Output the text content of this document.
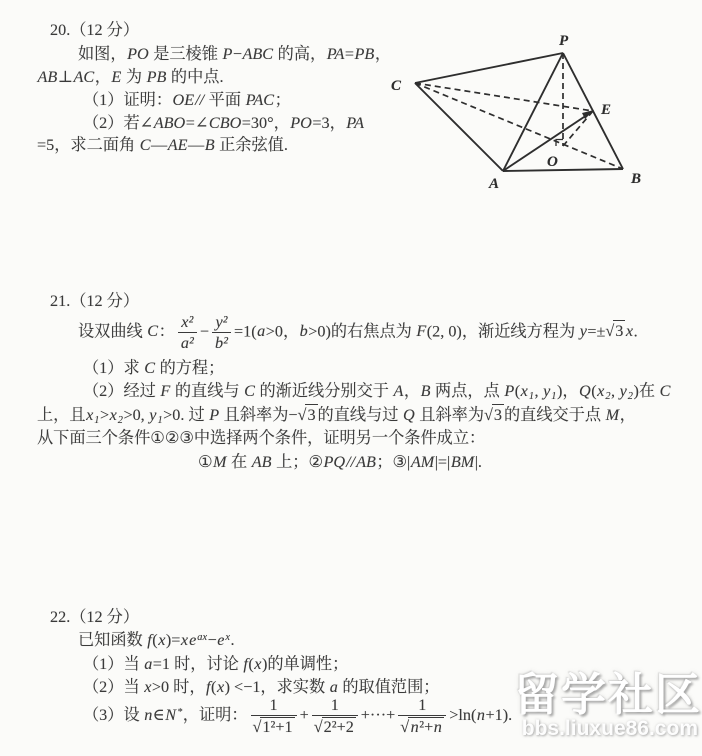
20.（12 分）
如图，PO 是三棱锥 P−ABC 的高，PA=PB，
AB⊥AC，E 为 PB 的中点.
（1）证明：OE// 平面 PAC；
（2）若∠ABO=∠CBO=30°，PO=3，PA
=5，求二面角 C—AE—B 正余弦值.
21.（12 分）
设双曲线 C： $\frac{\text{x²}}{\text{a²}} - \frac{\text{y²}}{\text{b²}} =1(a>0$，b>0)的右焦点为 F(2, 0)，渐近线方程为 y=±√3 x.
（1）求 C 的方程；
（2）经过 F 的直线与 C 的渐近线分别交于 A，B 两点，点 $P(x_1$, $y_1$)，$Q(x_2$, $y_2$)在 C
上，且$x_1>x_2>0$, $y_1>0$. 过 P 且斜率为−√3 的直线与过 Q 且斜率为√3 的直线交于点 M，
从下面三个条件①②③中选择两个条件，证明另一个条件成立：
①M 在 AB 上；②PQ//AB；③|AM|=|BM|.
22.（12 分）
已知函数 $f(x)=xe^{ax}-e^x$.
（1）当 a=1 时，讨论 f(x)的单调性；
（2）当 x>0 时，f(x) <−1，求实数 a 的取值范围；
（3）设 n∈N*，证明： $\frac{1}{\text{√1²+1}} + \frac{1}{\text{√2²+2}}$ +···+ $\frac{1}{\text{√n²+n}} >\ln(n+1)$.
P
C
A	B
E
O
留学社区
bbs.liuxue86.com
